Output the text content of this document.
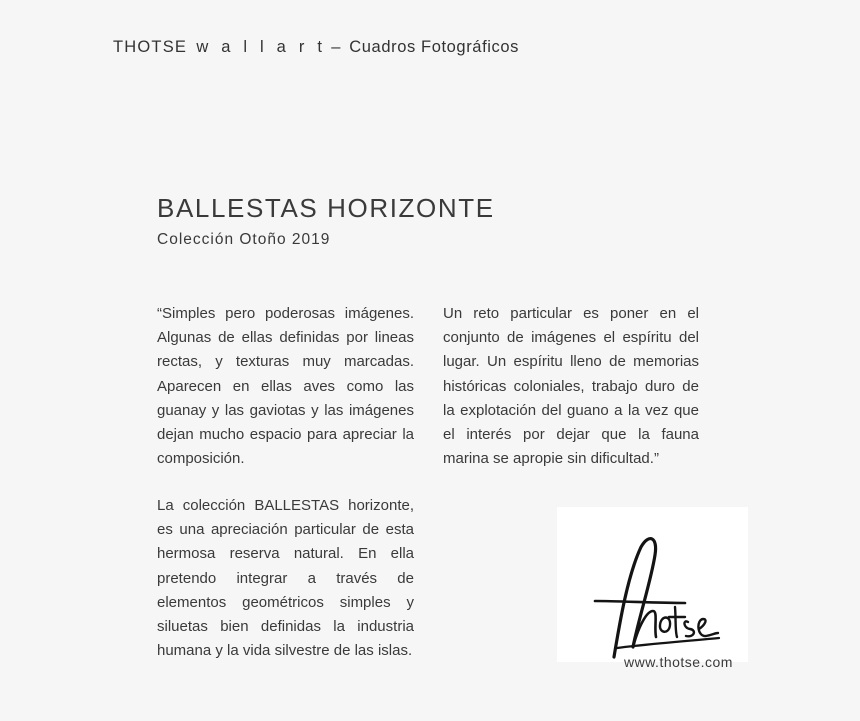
THOTSE w a l l a r t – Cuadros Fotográficos
BALLESTAS HORIZONTE
Colección Otoño 2019

“Simples pero poderosas imágenes. Algunas de ellas definidas por lineas rectas, y texturas muy marcadas. Aparecen en ellas aves como las guanay y las gaviotas y las imágenes dejan mucho espacio para apreciar la composición.

Un reto particular es poner en el conjunto de imágenes el espíritu del lugar. Un espíritu lleno de memorias históricas coloniales, trabajo duro de la explotación del guano a la vez que el interés por dejar que la fauna marina se apropie sin dificultad.”

La colección BALLESTAS horizonte, es una apreciación particular de esta hermosa reserva natural. En ella pretendo integrar a través de elementos geométricos simples y siluetas bien definidas la industria humana y la vida silvestre de las islas.

www.thotse.com
